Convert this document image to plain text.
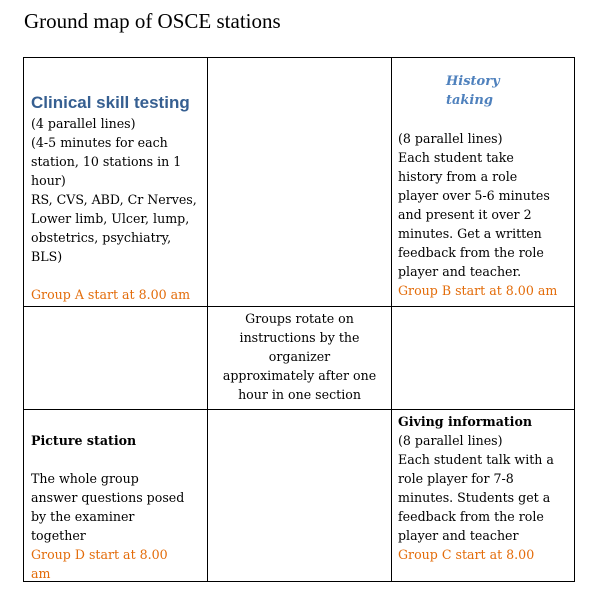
Ground map of OSCE stations
Clinical skill testing
(4 parallel lines)
(4-5 minutes for each
station, 10 stations in 1
hour)
RS, CVS, ABD, Cr Nerves,
Lower limb, Ulcer, lump,
obstetrics, psychiatry,
BLS)
Group A start at 8.00 am
History
taking
(8 parallel lines)
Each student take
history from a role
player over 5-6 minutes
and present it over 2
minutes. Get a written
feedback from the role
player and teacher.
Group B start at 8.00 am
Groups rotate on
instructions by the
organizer
approximately after one
hour in one section
Picture station
The whole group
answer questions posed
by the examiner
together
Group D start at 8.00
am
Giving information
(8 parallel lines)
Each student talk with a
role player for 7-8
minutes. Students get a
feedback from the role
player and teacher
Group C start at 8.00
